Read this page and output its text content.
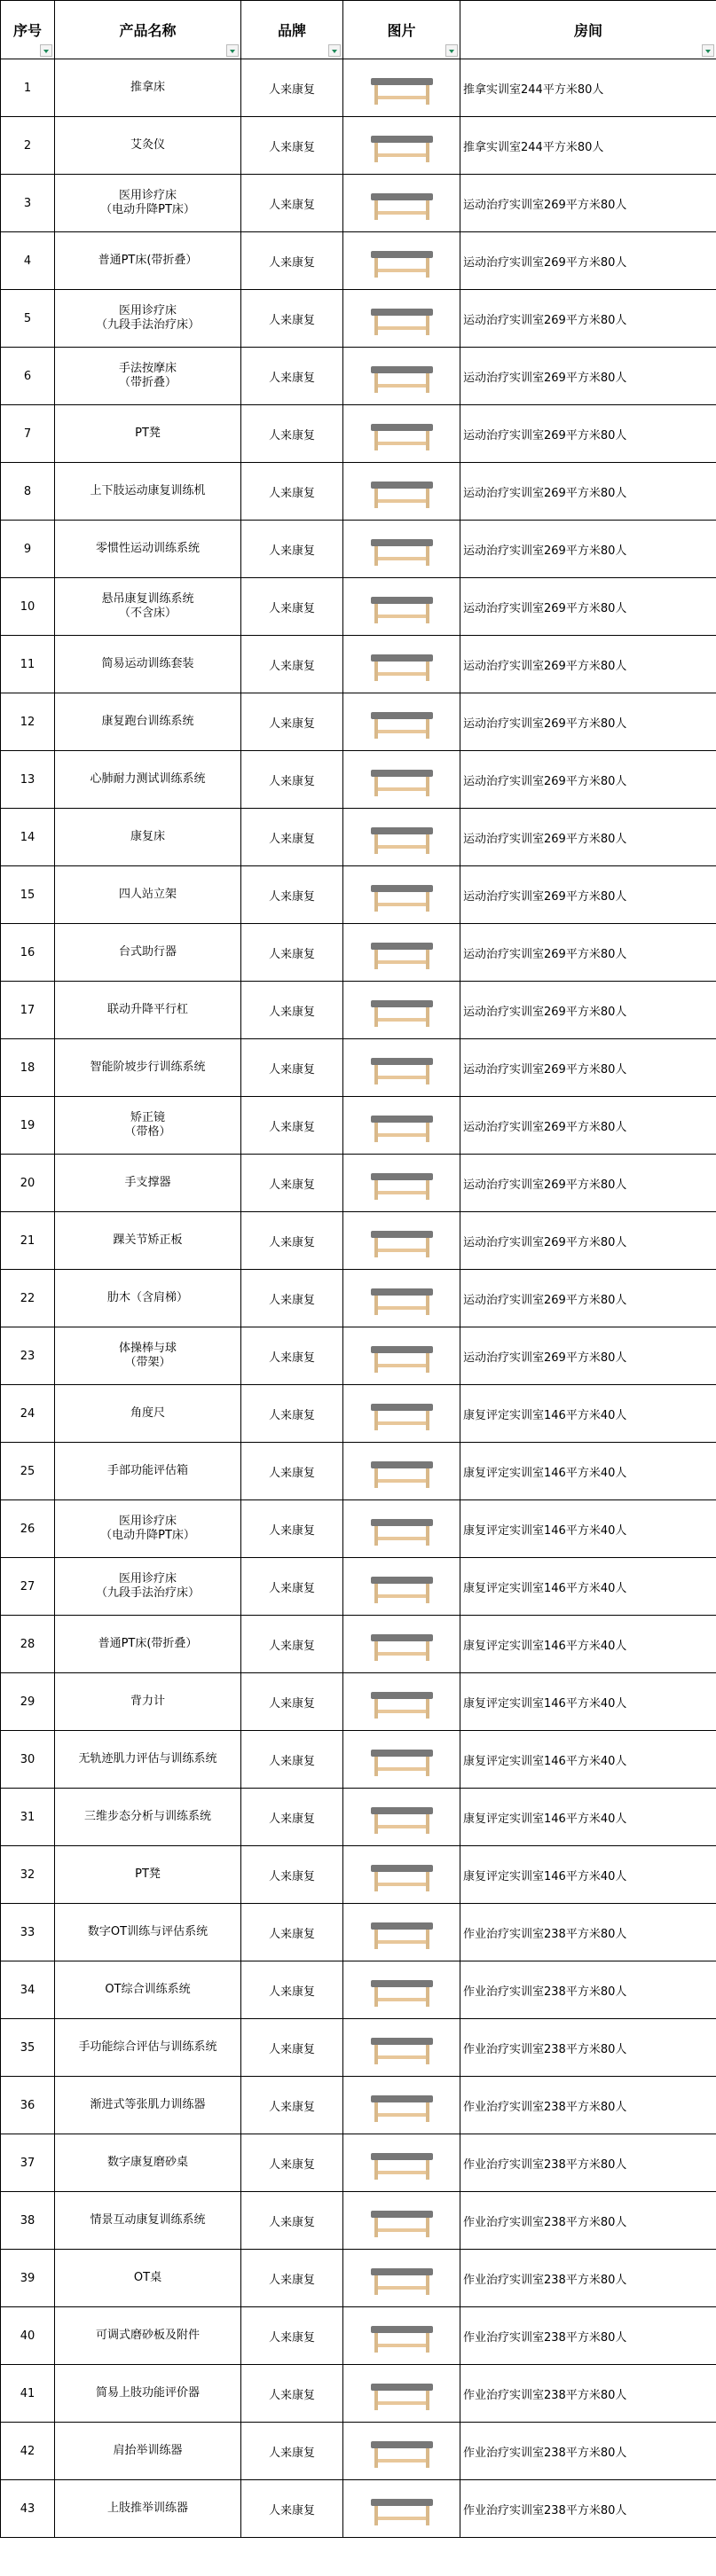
序号	产品名称	品牌	图片	房间

1	推拿床	人来康复		推拿实训室244平方米80人
2	艾灸仪	人来康复		推拿实训室244平方米80人
3	医用诊疗床
（电动升降PT床）	人来康复		运动治疗实训室269平方米80人
4	普通PT床(带折叠）	人来康复		运动治疗实训室269平方米80人
5	医用诊疗床
（九段手法治疗床）	人来康复		运动治疗实训室269平方米80人
6	手法按摩床
（带折叠）	人来康复		运动治疗实训室269平方米80人
7	PT凳	人来康复		运动治疗实训室269平方米80人
8	上下肢运动康复训练机	人来康复		运动治疗实训室269平方米80人
9	零惯性运动训练系统	人来康复		运动治疗实训室269平方米80人
10	悬吊康复训练系统
（不含床）	人来康复		运动治疗实训室269平方米80人
11	简易运动训练套装	人来康复		运动治疗实训室269平方米80人
12	康复跑台训练系统	人来康复		运动治疗实训室269平方米80人
13	心肺耐力测试训练系统	人来康复		运动治疗实训室269平方米80人
14	康复床	人来康复		运动治疗实训室269平方米80人
15	四人站立架	人来康复		运动治疗实训室269平方米80人
16	台式助行器	人来康复		运动治疗实训室269平方米80人
17	联动升降平行杠	人来康复		运动治疗实训室269平方米80人
18	智能阶坡步行训练系统	人来康复		运动治疗实训室269平方米80人
19	矫正镜
（带格）	人来康复		运动治疗实训室269平方米80人
20	手支撑器	人来康复		运动治疗实训室269平方米80人
21	踝关节矫正板	人来康复		运动治疗实训室269平方米80人
22	肋木（含肩梯）	人来康复		运动治疗实训室269平方米80人
23	体操棒与球
（带架）	人来康复		运动治疗实训室269平方米80人
24	角度尺	人来康复		康复评定实训室146平方米40人
25	手部功能评估箱	人来康复		康复评定实训室146平方米40人
26	医用诊疗床
（电动升降PT床）	人来康复		康复评定实训室146平方米40人
27	医用诊疗床
（九段手法治疗床）	人来康复		康复评定实训室146平方米40人
28	普通PT床(带折叠）	人来康复		康复评定实训室146平方米40人
29	背力计	人来康复		康复评定实训室146平方米40人
30	无轨迹肌力评估与训练系统	人来康复		康复评定实训室146平方米40人
31	三维步态分析与训练系统	人来康复		康复评定实训室146平方米40人
32	PT凳	人来康复		康复评定实训室146平方米40人
33	数字OT训练与评估系统	人来康复		作业治疗实训室238平方米80人
34	OT综合训练系统	人来康复		作业治疗实训室238平方米80人
35	手功能综合评估与训练系统	人来康复		作业治疗实训室238平方米80人
36	渐进式等张肌力训练器	人来康复		作业治疗实训室238平方米80人
37	数字康复磨砂桌	人来康复		作业治疗实训室238平方米80人
38	情景互动康复训练系统	人来康复		作业治疗实训室238平方米80人
39	OT桌	人来康复		作业治疗实训室238平方米80人
40	可调式磨砂板及附件	人来康复		作业治疗实训室238平方米80人
41	简易上肢功能评价器	人来康复		作业治疗实训室238平方米80人
42	肩抬举训练器	人来康复		作业治疗实训室238平方米80人
43	上肢推举训练器	人来康复		作业治疗实训室238平方米80人
